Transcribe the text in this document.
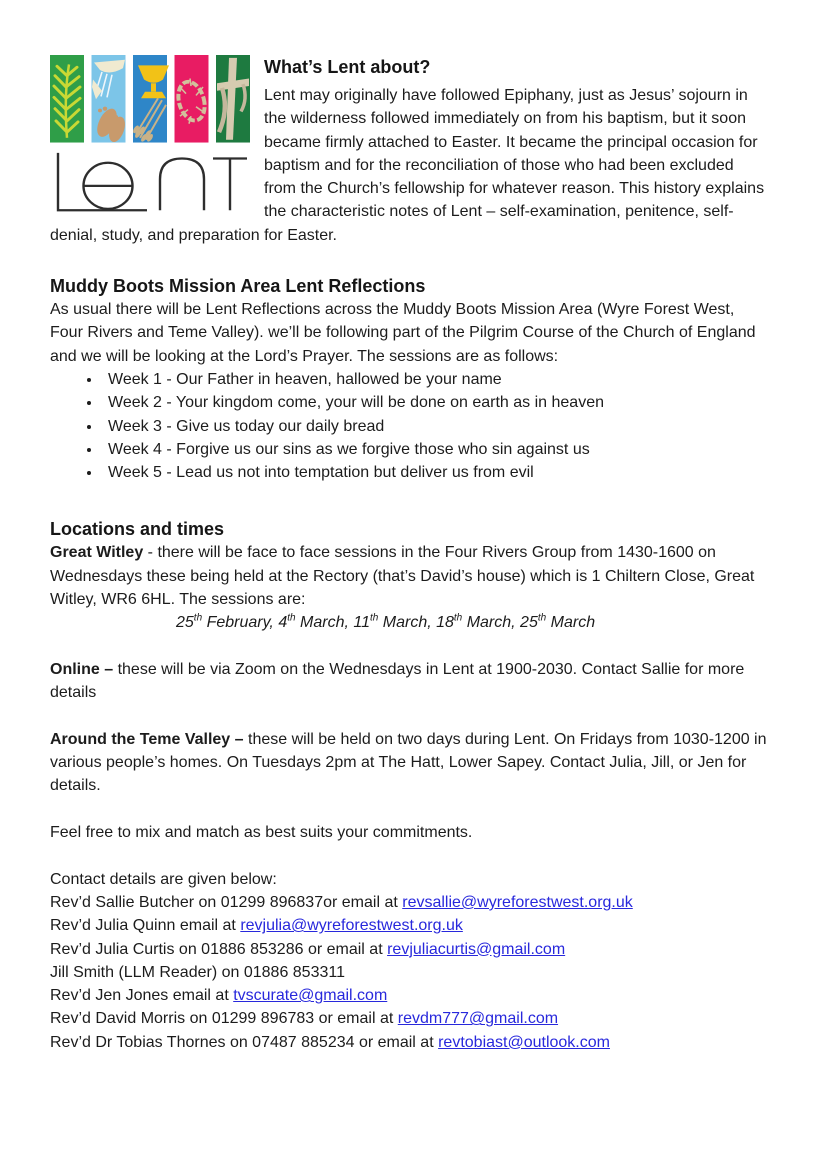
What’s Lent about?

Lent may originally have followed Epiphany, just as Jesus’ sojourn in the wilderness followed immediately on from his baptism, but it soon became firmly attached to Easter. It became the principal occasion for baptism and for the reconciliation of those who had been excluded from the Church’s fellowship for whatever reason. This history explains the characteristic notes of Lent – self-examination, penitence, self-denial, study, and preparation for Easter.

Muddy Boots Mission Area Lent Reflections

As usual there will be Lent Reflections across the Muddy Boots Mission Area (Wyre Forest West, Four Rivers and Teme Valley). we’ll be following part of the Pilgrim Course of the Church of England and we will be looking at the Lord’s Prayer. The sessions are as follows:

• Week 1 - Our Father in heaven, hallowed be your name
• Week 2 - Your kingdom come, your will be done on earth as in heaven
• Week 3 - Give us today our daily bread
• Week 4 - Forgive us our sins as we forgive those who sin against us
• Week 5 - Lead us not into temptation but deliver us from evil
Locations and times

Great Witley - there will be face to face sessions in the Four Rivers Group from 1430-1600 on Wednesdays these being held at the Rectory (that’s David’s house) which is 1 Chiltern Close, Great Witley, WR6 6HL. The sessions are:

25th February, 4th March, 11th March, 18th March, 25th March

Online – these will be via Zoom on the Wednesdays in Lent at 1900-2030. Contact Sallie for more details

Around the Teme Valley – these will be held on two days during Lent. On Fridays from 1030-1200 in various people’s homes. On Tuesdays 2pm at The Hatt, Lower Sapey. Contact Julia, Jill, or Jen for details.

Feel free to mix and match as best suits your commitments.

Contact details are given below:

Rev’d Sallie Butcher on 01299 896837or email at revsallie@wyreforestwest.org.uk
Rev’d Julia Quinn email at revjulia@wyreforestwest.org.uk
Rev’d Julia Curtis on 01886 853286 or email at revjuliacurtis@gmail.com
Jill Smith (LLM Reader) on 01886 853311
Rev’d Jen Jones email at tvscurate@gmail.com
Rev’d David Morris on 01299 896783 or email at revdm777@gmail.com
Rev’d Dr Tobias Thornes on 07487 885234 or email at revtobiast@outlook.com
